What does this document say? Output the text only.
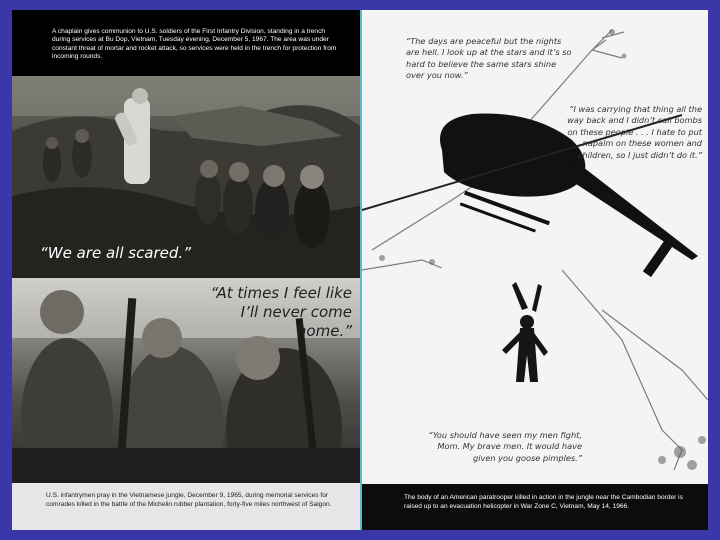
A chaplain gives communion to U.S. soldiers of the First Infantry Division, standing in a trench during services at Bu Dop, Vietnam, Tuesday evening, December 5, 1967. The area was under constant threat of mortar and rocket attack, so services were held in the trench for protection from incoming rounds.
“We are all scared.”
“At times I feel like
I’ll never come home.”
U.S. infantrymen pray in the Vietnamese jungle, December 9, 1965, during memorial services for comrades killed in the battle of the Michelin rubber plantation, forty-five miles northwest of Saigon.
“The days are peaceful but the nights are hell. I look up at the stars and it’s so hard to believe the same stars shine over you now.”
“I was carrying that thing all the way back and I didn’t call bombs on these people . . . I hate to put napalm on these women and children, so I just didn’t do it.”
“You should have seen my men fight, Mom. My brave men. It would have given you goose pimples.”
The body of an American paratrooper killed in action in the jungle near the Cambodian border is raised up to an evacuation helicopter in War Zone C, Vietnam, May 14, 1966.
